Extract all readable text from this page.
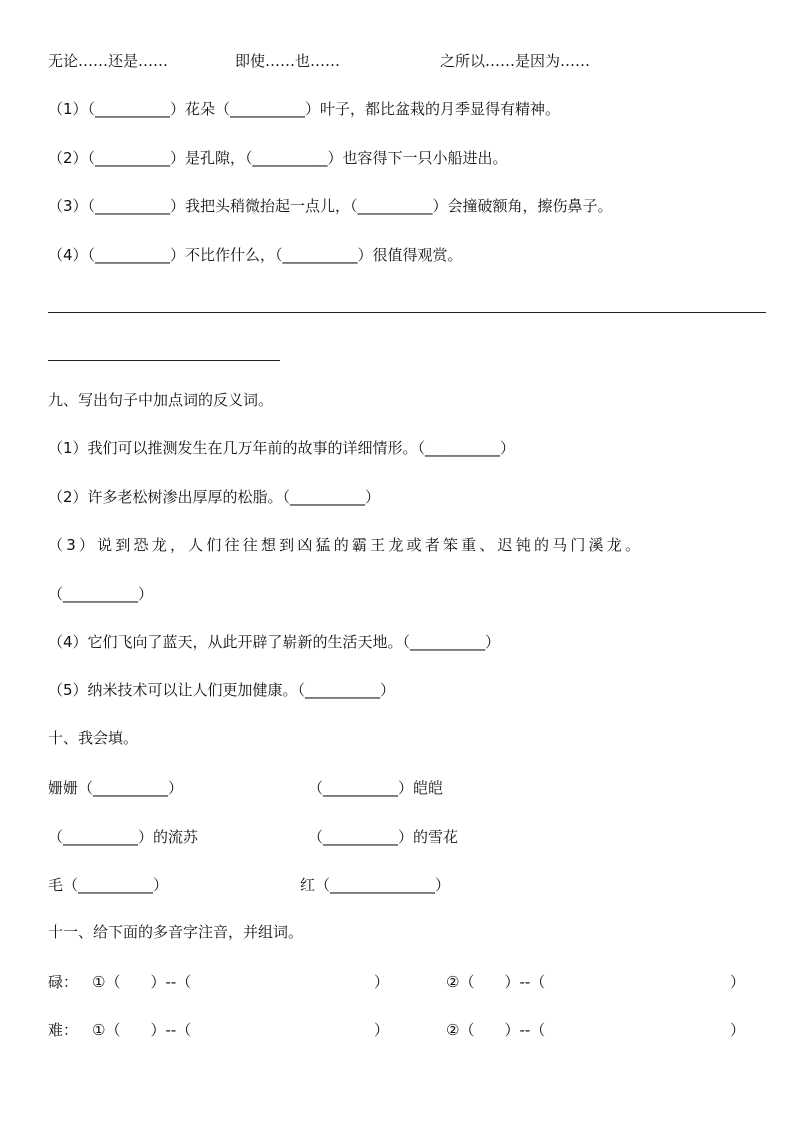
无论……还是……	即使……也……	之所以……是因为……
（1）（__________）花朵（__________）叶子，都比盆栽的月季显得有精神。
（2）（__________）是孔隙，（__________）也容得下一只小船进出。
（3）（__________）我把头稍微抬起一点儿，（__________）会撞破额角，擦伤鼻子。
（4）（__________）不比作什么，（__________）很值得观赏。
九、写出句子中加点词的反义词。
（1）我们可以推测发生在几万年前的故事的详细情形。（__________）
（2）许多老松树渗出厚厚的松脂。（__________）
（3）说到恐龙，人们往往想到凶猛的霸王龙或者笨重、迟钝的马门溪龙。
（__________）
（4）它们飞向了蓝天，从此开辟了崭新的生活天地。（__________）
（5）纳米技术可以让人们更加健康。（__________）
十、我会填。
姗姗（__________）	（__________）皑皑
（__________）的流苏	（__________）的雪花
毛（__________）	红（______________）
十一、给下面的多音字注音，并组词。
碌： ①（　　）--（	）	②（　　）--（	）
难： ①（　　）--（	）	②（　　）--（	）
